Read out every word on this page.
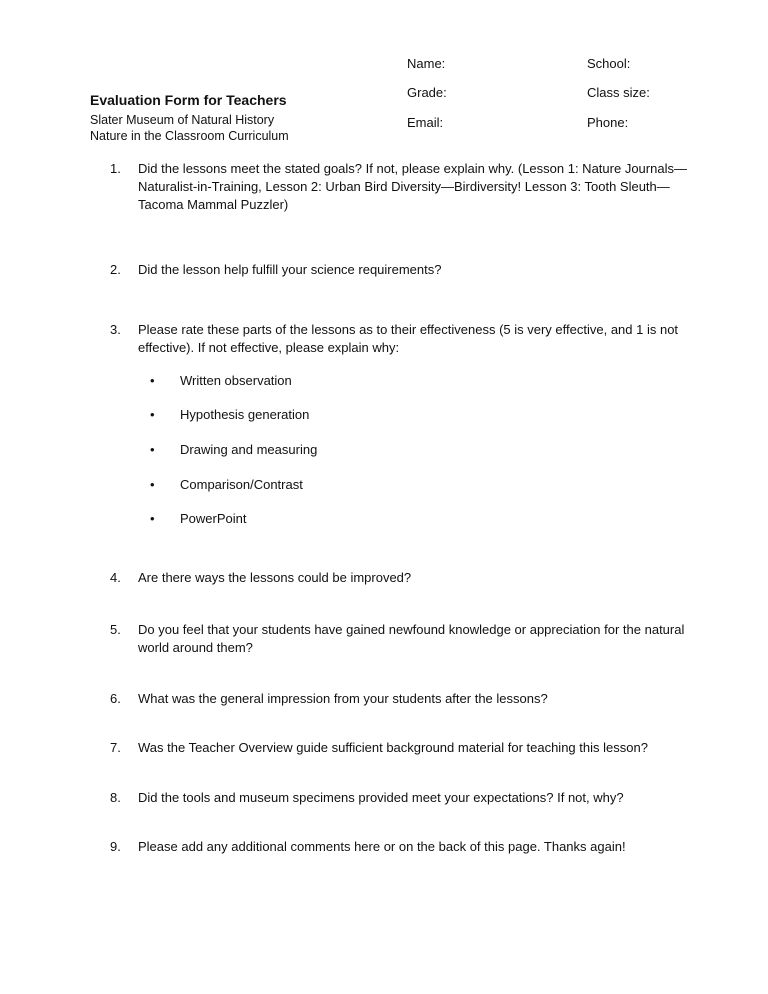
Name:	School:
Grade:	Class size:
Email:	Phone:
Evaluation Form for Teachers
Slater Museum of Natural History
Nature in the Classroom Curriculum
1. Did the lessons meet the stated goals? If not, please explain why. (Lesson 1: Nature Journals—Naturalist-in-Training, Lesson 2: Urban Bird Diversity—Birdiversity! Lesson 3: Tooth Sleuth—Tacoma Mammal Puzzler)
2. Did the lesson help fulfill your science requirements?
3. Please rate these parts of the lessons as to their effectiveness (5 is very effective, and 1 is not effective). If not effective, please explain why:
• Written observation
• Hypothesis generation
• Drawing and measuring
• Comparison/Contrast
• PowerPoint
4. Are there ways the lessons could be improved?
5. Do you feel that your students have gained newfound knowledge or appreciation for the natural world around them?
6. What was the general impression from your students after the lessons?
7. Was the Teacher Overview guide sufficient background material for teaching this lesson?
8. Did the tools and museum specimens provided meet your expectations? If not, why?
9. Please add any additional comments here or on the back of this page. Thanks again!
